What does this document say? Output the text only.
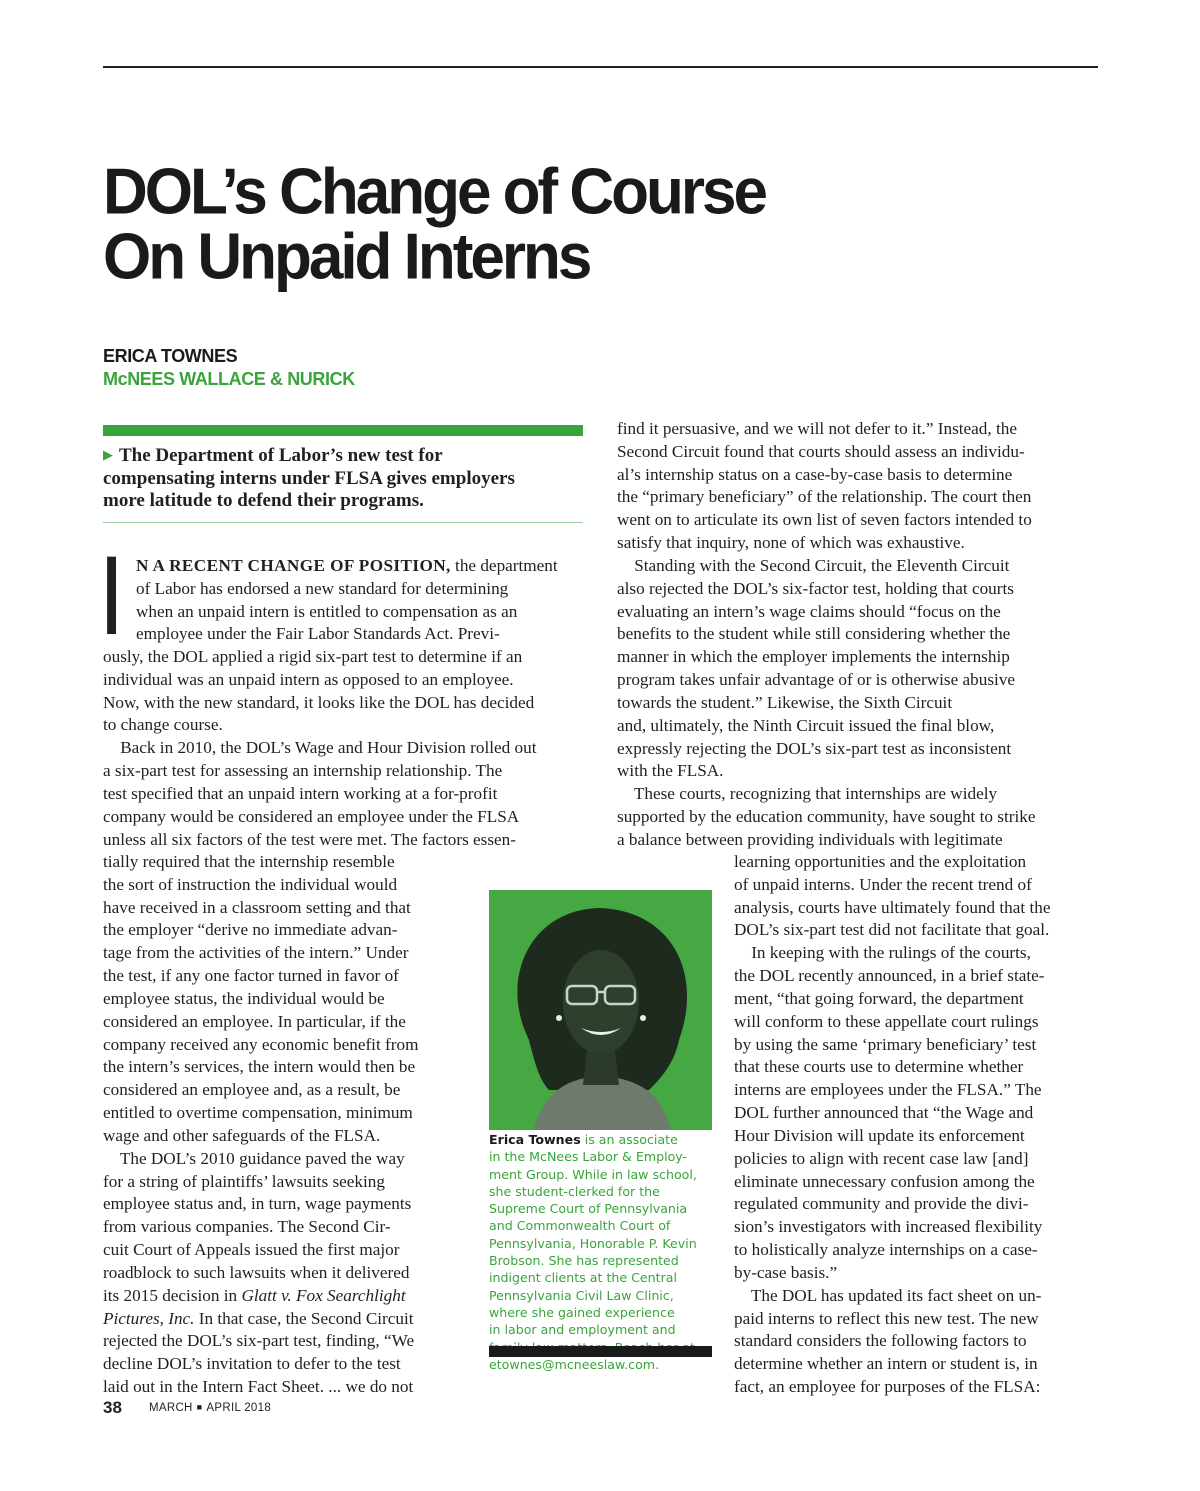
DOL’s Change of Course
On Unpaid Interns
ERICA TOWNES
McNEES WALLACE & NURICK
▶ The Department of Labor’s new test for
compensating interns under FLSA gives employers
more latitude to defend their programs.
I N A RECENT CHANGE OF POSITION, the department
of Labor has endorsed a new standard for determining
when an unpaid intern is entitled to compensation as an
employee under the Fair Labor Standards Act. Previ-
ously, the DOL applied a rigid six-part test to determine if an
individual was an unpaid intern as opposed to an employee.
Now, with the new standard, it looks like the DOL has decided
to change course.
Back in 2010, the DOL’s Wage and Hour Division rolled out
a six-part test for assessing an internship relationship. The
test specified that an unpaid intern working at a for-profit
company would be considered an employee under the FLSA
unless all six factors of the test were met. The factors essen-
tially required that the internship resemble
the sort of instruction the individual would
have received in a classroom setting and that
the employer “derive no immediate advan-
tage from the activities of the intern.” Under
the test, if any one factor turned in favor of
employee status, the individual would be
considered an employee. In particular, if the
company received any economic benefit from
the intern’s services, the intern would then be
considered an employee and, as a result, be
entitled to overtime compensation, minimum
wage and other safeguards of the FLSA.
The DOL’s 2010 guidance paved the way
for a string of plaintiffs’ lawsuits seeking
employee status and, in turn, wage payments
from various companies. The Second Cir-
cuit Court of Appeals issued the first major
roadblock to such lawsuits when it delivered
its 2015 decision in Glatt v. Fox Searchlight
Pictures, Inc. In that case, the Second Circuit
rejected the DOL’s six-part test, finding, “We
decline DOL’s invitation to defer to the test
laid out in the Intern Fact Sheet. ... we do not
find it persuasive, and we will not defer to it.” Instead, the
Second Circuit found that courts should assess an individu-
al’s internship status on a case-by-case basis to determine
the “primary beneficiary” of the relationship. The court then
went on to articulate its own list of seven factors intended to
satisfy that inquiry, none of which was exhaustive.
Standing with the Second Circuit, the Eleventh Circuit
also rejected the DOL’s six-factor test, holding that courts
evaluating an intern’s wage claims should “focus on the
benefits to the student while still considering whether the
manner in which the employer implements the internship
program takes unfair advantage of or is otherwise abusive
towards the student.” Likewise, the Sixth Circuit
and, ultimately, the Ninth Circuit issued the final blow,
expressly rejecting the DOL’s six-part test as inconsistent
with the FLSA.
These courts, recognizing that internships are widely
supported by the education community, have sought to strike
a balance between providing individuals with legitimate
learning opportunities and the exploitation
of unpaid interns. Under the recent trend of
analysis, courts have ultimately found that the
DOL’s six-part test did not facilitate that goal.
In keeping with the rulings of the courts,
the DOL recently announced, in a brief state-
ment, “that going forward, the department
will conform to these appellate court rulings
by using the same ‘primary beneficiary’ test
that these courts use to determine whether
interns are employees under the FLSA.” The
DOL further announced that “the Wage and
Hour Division will update its enforcement
policies to align with recent case law [and]
eliminate unnecessary confusion among the
regulated community and provide the divi-
sion’s investigators with increased flexibility
to holistically analyze internships on a case-
by-case basis.”
The DOL has updated its fact sheet on un-
paid interns to reflect this new test. The new
standard considers the following factors to
determine whether an intern or student is, in
fact, an employee for purposes of the FLSA:
Erica Townes is an associate
in the McNees Labor & Employ-
ment Group. While in law school,
she student-clerked for the
Supreme Court of Pennsylvania
and Commonwealth Court of
Pennsylvania, Honorable P. Kevin
Brobson. She has represented
indigent clients at the Central
Pennsylvania Civil Law Clinic,
where she gained experience
in labor and employment and
etownes@mcneeslaw.com.
38 MARCH ■ APRIL 2018
